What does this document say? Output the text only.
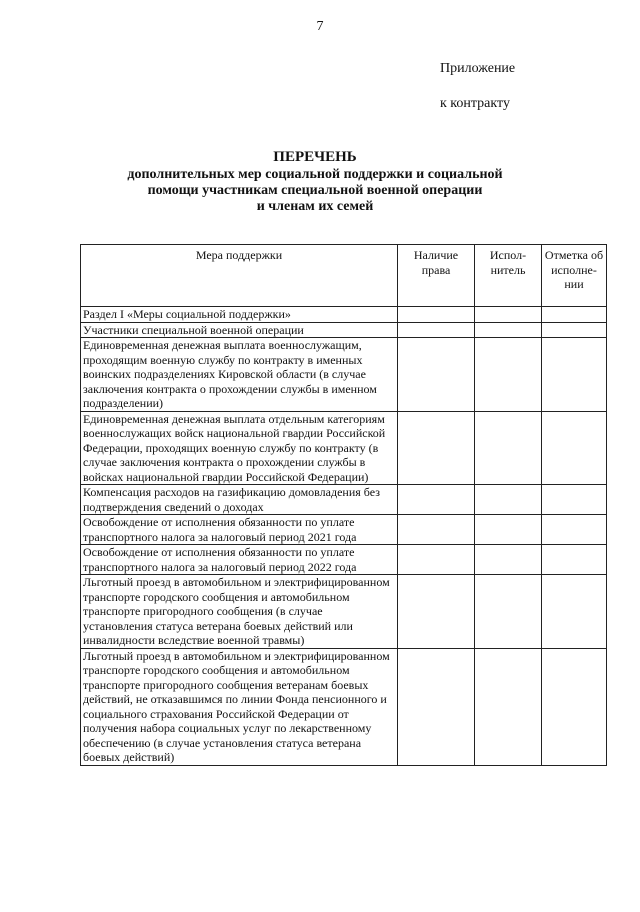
7
Приложение
к контракту
ПЕРЕЧЕНЬ
дополнительных мер социальной поддержки и социальной
помощи участникам специальной военной операции
и членам их семей
Мера поддержки	Наличие права	Испол-нитель	Отметка об исполне-нии
Раздел I «Меры социальной поддержки»			
Участники специальной военной операции			
Единовременная денежная выплата военнослужащим, проходящим военную службу по контракту в именных воинских подразделениях Кировской области (в случае заключения контракта о прохождении службы в именном подразделении)			
Единовременная денежная выплата отдельным категориям военнослужащих войск национальной гвардии Российской Федерации, проходящих военную службу по контракту (в случае заключения контракта о прохождении службы в войсках национальной гвардии Российской Федерации)			
Компенсация расходов на газификацию домовладения без подтверждения сведений о доходах			
Освобождение от исполнения обязанности по уплате транспортного налога за налоговый период 2021 года			
Освобождение от исполнения обязанности по уплате транспортного налога за налоговый период 2022 года			
Льготный проезд в автомобильном и электрифицированном транспорте городского сообщения и автомобильном транспорте пригородного сообщения (в случае установления статуса ветерана боевых действий или инвалидности вследствие военной травмы)			
Льготный проезд в автомобильном и электрифицированном транспорте городского сообщения и автомобильном транспорте пригородного сообщения ветеранам боевых действий, не отказавшимся по линии Фонда пенсионного и социального страхования Российской Федерации от получения набора социальных услуг по лекарственному обеспечению (в случае установления статуса ветерана боевых действий)			
